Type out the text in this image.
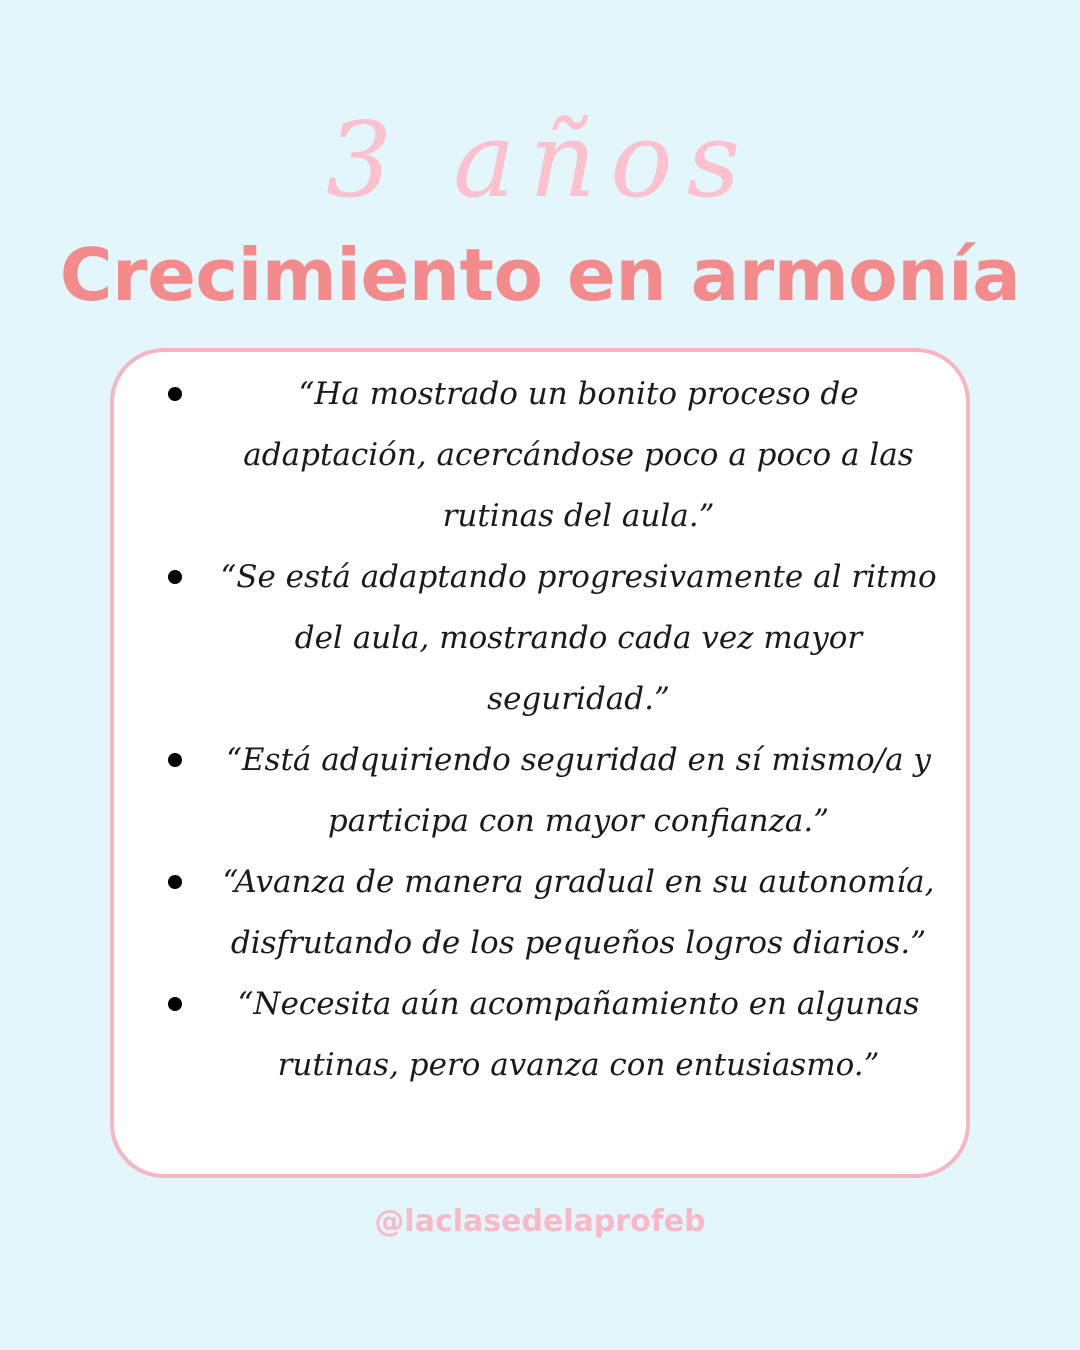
3 años
Crecimiento en armonía
“Ha mostrado un bonito proceso de adaptación, acercándose poco a poco a las rutinas del aula.”
“Se está adaptando progresivamente al ritmo del aula, mostrando cada vez mayor seguridad.”
“Está adquiriendo seguridad en sí mismo/a y participa con mayor confianza.”
“Avanza de manera gradual en su autonomía, disfrutando de los pequeños logros diarios.”
“Necesita aún acompañamiento en algunas rutinas, pero avanza con entusiasmo.”

@laclasedelaprofeb
